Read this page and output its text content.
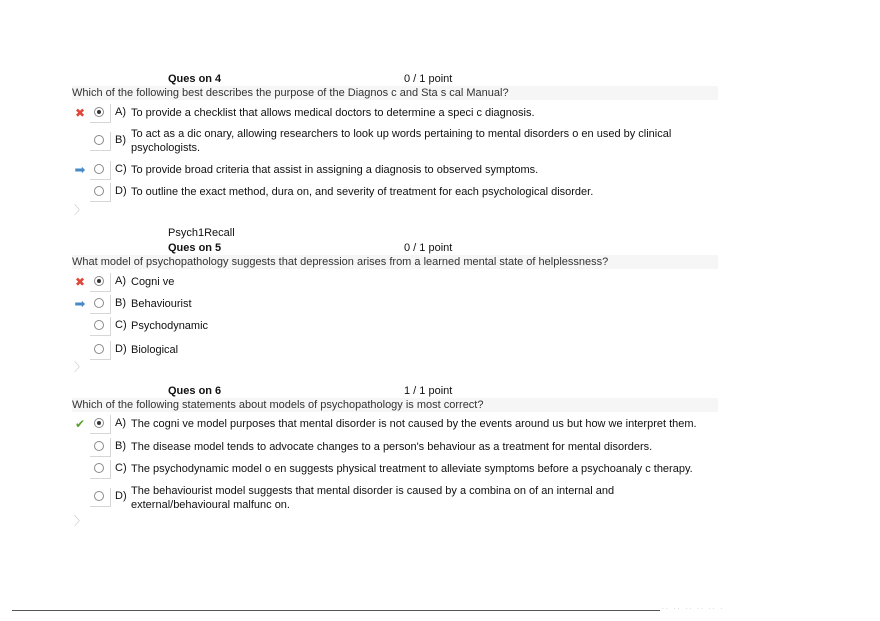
Ques on 4	0 / 1 point
Which of the following best describes the purpose of the Diagnos c and Sta s cal Manual?
✖	A) To provide a checklist that allows medical doctors to determine a speci c diagnosis.
B) To act as a dic onary, allowing researchers to look up words pertaining to mental disorders o en used by clinical psychologists.
➡	C) To provide broad criteria that assist in assigning a diagnosis to observed symptoms.
D) To outline the exact method, dura on, and severity of treatment for each psychological disorder.
〉
Psych1Recall
Ques on 5	0 / 1 point
What model of psychopathology suggests that depression arises from a learned mental state of helplessness?
✖	A) Cogni ve
➡	B) Behaviourist
C) Psychodynamic
D) Biological
〉
Ques on 6	1 / 1 point
Which of the following statements about models of psychopathology is most correct?
✔	A) The cogni ve model purposes that mental disorder is not caused by the events around us but how we interpret them.
B) The disease model tends to advocate changes to a person's behaviour as a treatment for mental disorders.
C) The psychodynamic model o en suggests physical treatment to alleviate symptoms before a psychoanaly c therapy.
D) The behaviourist model suggests that mental disorder is caused by a combina on of an internal and external/behavioural malfunc on.
〉
·· ·· ·· ·· ·· ·
